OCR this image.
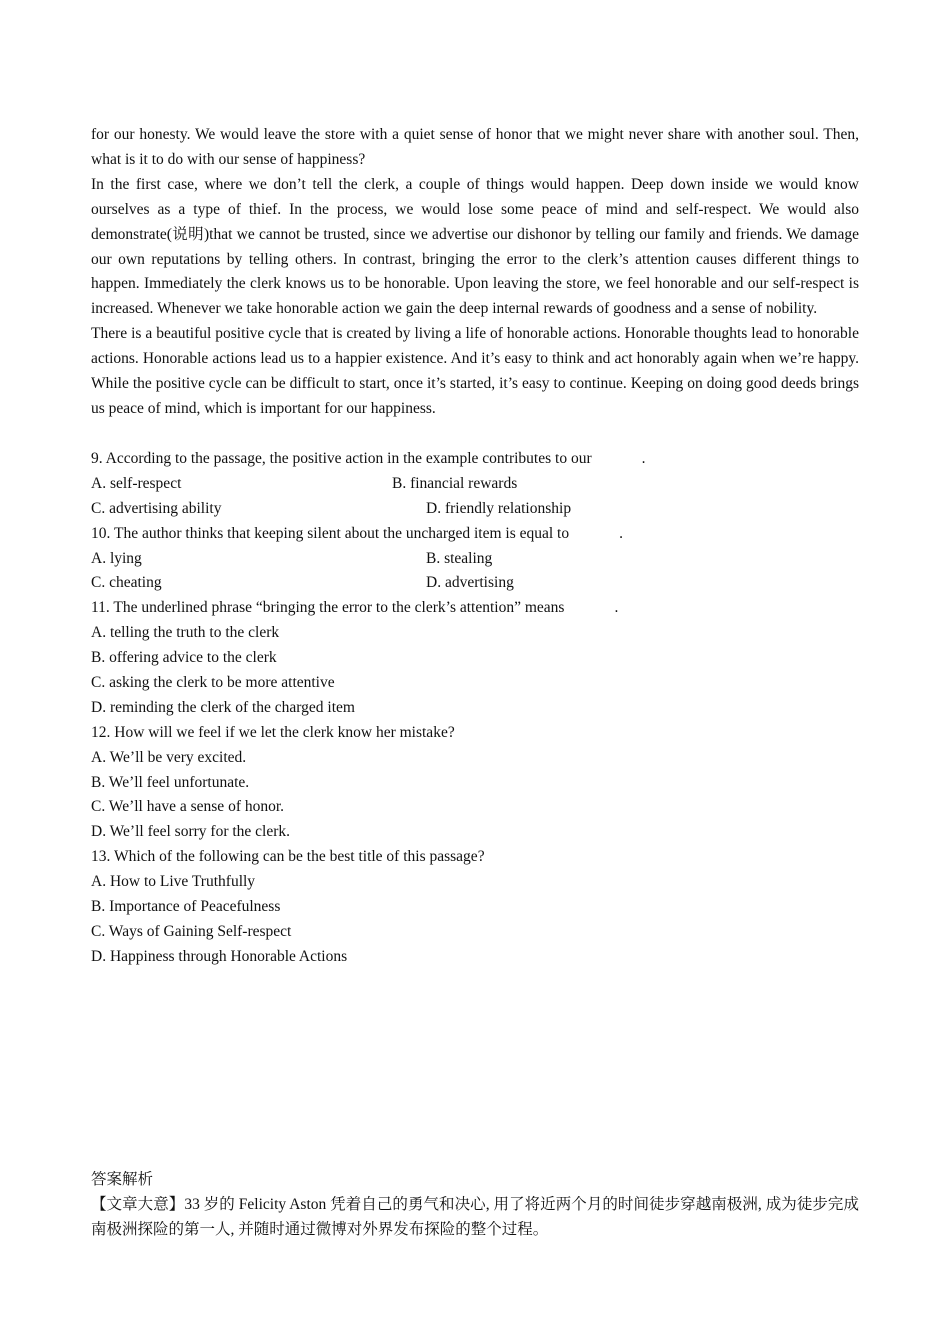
for our honesty. We would leave the store with a quiet sense of honor that we might never share with another soul. Then, what is it to do with our sense of happiness?

In the first case, where we don’t tell the clerk, a couple of things would happen. Deep down inside we would know ourselves as a type of thief. In the process, we would lose some peace of mind and self-respect. We would also demonstrate(说明)that we cannot be trusted, since we advertise our dishonor by telling our family and friends. We damage our own reputations by telling others. In contrast, bringing the error to the clerk’s attention causes different things to happen. Immediately the clerk knows us to be honorable. Upon leaving the store, we feel honorable and our self-respect is increased. Whenever we take honorable action we gain the deep internal rewards of goodness and a sense of nobility.

There is a beautiful positive cycle that is created by living a life of honorable actions. Honorable thoughts lead to honorable actions. Honorable actions lead us to a happier existence. And it’s easy to think and act honorably again when we’re happy. While the positive cycle can be difficult to start, once it’s started, it’s easy to continue. Keeping on doing good deeds brings us peace of mind, which is important for our happiness.

9. According to the passage, the positive action in the example contributes to our	.
A. self-respect	B. financial rewards
C. advertising ability	D. friendly relationship
10. The author thinks that keeping silent about the uncharged item is equal to	.
A. lying	B. stealing
C. cheating	D. advertising
11. The underlined phrase “bringing the error to the clerk’s attention” means	.
A. telling the truth to the clerk
B. offering advice to the clerk
C. asking the clerk to be more attentive
D. reminding the clerk of the charged item
12. How will we feel if we let the clerk know her mistake?
A. We’ll be very excited.
B. We’ll feel unfortunate.
C. We’ll have a sense of honor.
D. We’ll feel sorry for the clerk.
13. Which of the following can be the best title of this passage?
A. How to Live Truthfully
B. Importance of Peacefulness
C. Ways of Gaining Self-respect
D. Happiness through Honorable Actions

答案解析

【文章大意】33 岁的 Felicity Aston 凭着自己的勇气和决心, 用了将近两个月的时间徒步穿越南极洲, 成为徒步完成南极洲探险的第一人, 并随时通过微博对外界发布探险的整个过程。
